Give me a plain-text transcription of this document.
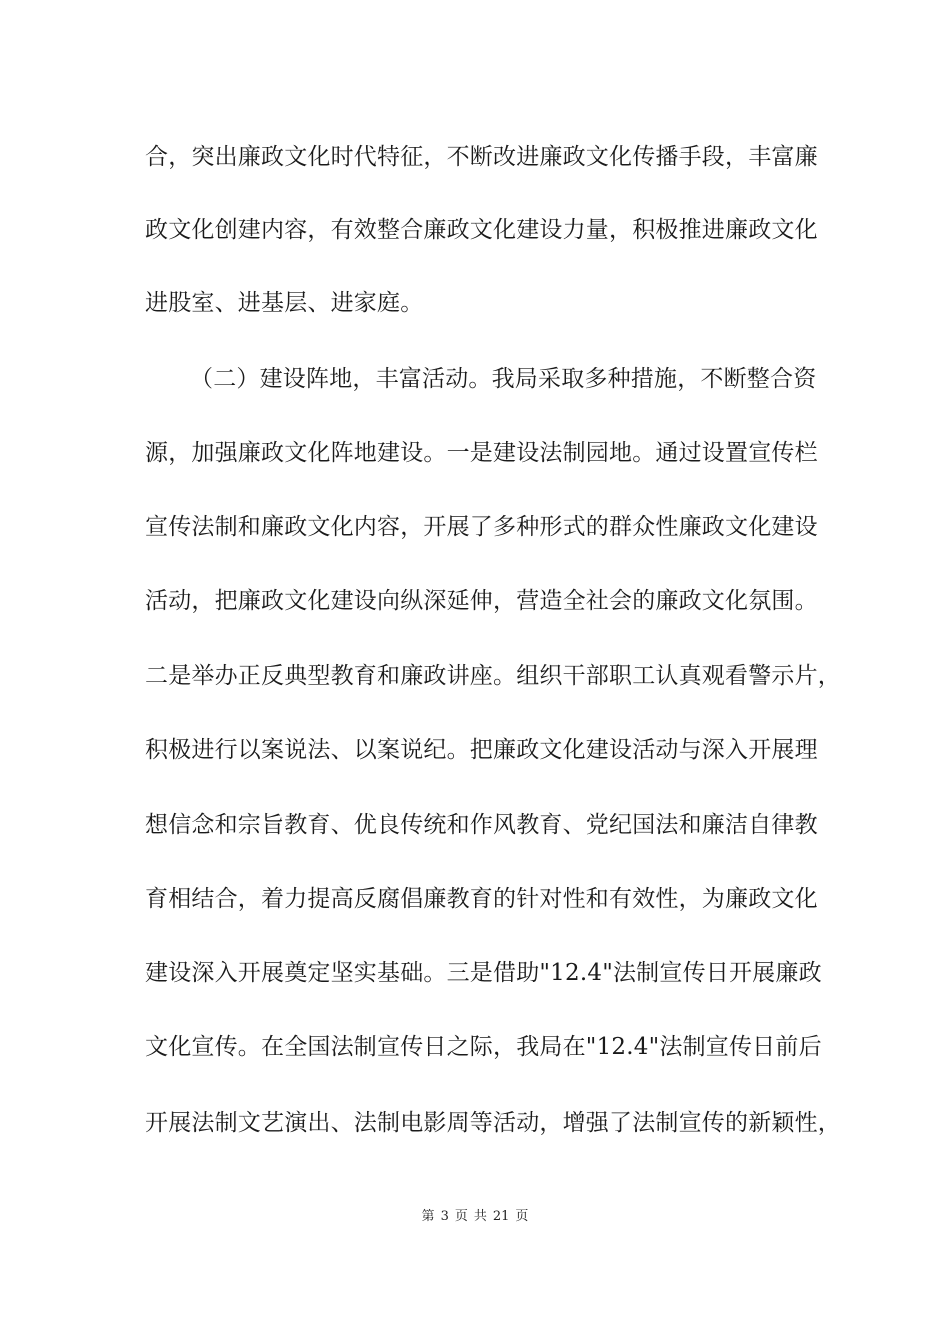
合，突出廉政文化时代特征，不断改进廉政文化传播手段，丰富廉
政文化创建内容，有效整合廉政文化建设力量，积极推进廉政文化
进股室、进基层、进家庭。
（二）建设阵地，丰富活动。我局采取多种措施，不断整合资
源，加强廉政文化阵地建设。一是建设法制园地。通过设置宣传栏
宣传法制和廉政文化内容，开展了多种形式的群众性廉政文化建设
活动，把廉政文化建设向纵深延伸，营造全社会的廉政文化氛围。
二是举办正反典型教育和廉政讲座。组织干部职工认真观看警示片，
积极进行以案说法、以案说纪。把廉政文化建设活动与深入开展理
想信念和宗旨教育、优良传统和作风教育、党纪国法和廉洁自律教
育相结合，着力提高反腐倡廉教育的针对性和有效性，为廉政文化
建设深入开展奠定坚实基础。三是借助"12.4"法制宣传日开展廉政
文化宣传。在全国法制宣传日之际，我局在"12.4"法制宣传日前后
开展法制文艺演出、法制电影周等活动，增强了法制宣传的新颖性，
第 3 页 共 21 页
